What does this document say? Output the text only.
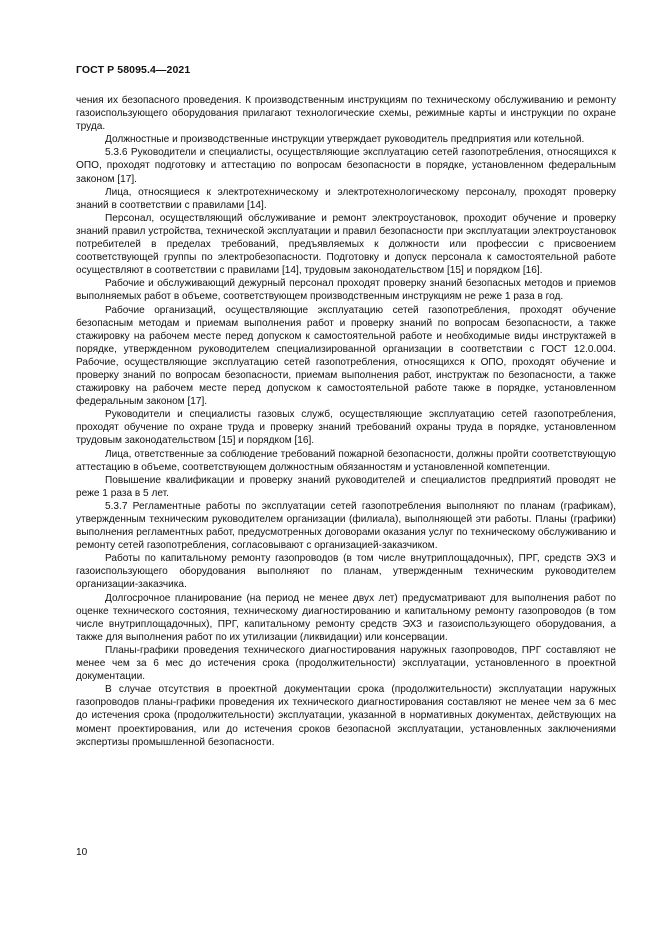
ГОСТ Р 58095.4—2021

чения их безопасного проведения. К производственным инструкциям по техническому обслуживанию и ремонту газоиспользующего оборудования прилагают технологические схемы, режимные карты и инструкции по охране труда.

Должностные и производственные инструкции утверждает руководитель предприятия или котельной.

5.3.6 Руководители и специалисты, осуществляющие эксплуатацию сетей газопотребления, относящихся к ОПО, проходят подготовку и аттестацию по вопросам безопасности в порядке, установленном федеральным законом [17].

Лица, относящиеся к электротехническому и электротехнологическому персоналу, проходят проверку знаний в соответствии с правилами [14].

Персонал, осуществляющий обслуживание и ремонт электроустановок, проходит обучение и проверку знаний правил устройства, технической эксплуатации и правил безопасности при эксплуатации электроустановок потребителей в пределах требований, предъявляемых к должности или профессии с присвоением соответствующей группы по электробезопасности. Подготовку и допуск персонала к самостоятельной работе осуществляют в соответствии с правилами [14], трудовым законодательством [15] и порядком [16].

Рабочие и обслуживающий дежурный персонал проходят проверку знаний безопасных методов и приемов выполняемых работ в объеме, соответствующем производственным инструкциям не реже 1 раза в год.

Рабочие организаций, осуществляющие эксплуатацию сетей газопотребления, проходят обучение безопасным методам и приемам выполнения работ и проверку знаний по вопросам безопасности, а также стажировку на рабочем месте перед допуском к самостоятельной работе и необходимые виды инструктажей в порядке, утвержденном руководителем специализированной организации в соответствии с ГОСТ 12.0.004. Рабочие, осуществляющие эксплуатацию сетей газопотребления, относящихся к ОПО, проходят обучение и проверку знаний по вопросам безопасности, приемам выполнения работ, инструктаж по безопасности, а также стажировку на рабочем месте перед допуском к самостоятельной работе также в порядке, установленном федеральным законом [17].

Руководители и специалисты газовых служб, осуществляющие эксплуатацию сетей газопотребления, проходят обучение по охране труда и проверку знаний требований охраны труда в порядке, установленном трудовым законодательством [15] и порядком [16].

Лица, ответственные за соблюдение требований пожарной безопасности, должны пройти соответствующую аттестацию в объеме, соответствующем должностным обязанностям и установленной компетенции.

Повышение квалификации и проверку знаний руководителей и специалистов предприятий проводят не реже 1 раза в 5 лет.

5.3.7 Регламентные работы по эксплуатации сетей газопотребления выполняют по планам (графикам), утвержденным техническим руководителем организации (филиала), выполняющей эти работы. Планы (графики) выполнения регламентных работ, предусмотренных договорами оказания услуг по техническому обслуживанию и ремонту сетей газопотребления, согласовывают с организацией-заказчиком.

Работы по капитальному ремонту газопроводов (в том числе внутриплощадочных), ПРГ, средств ЭХЗ и газоиспользующего оборудования выполняют по планам, утвержденным техническим руководителем организации-заказчика.

Долгосрочное планирование (на период не менее двух лет) предусматривают для выполнения работ по оценке технического состояния, техническому диагностированию и капитальному ремонту газопроводов (в том числе внутриплощадочных), ПРГ, капитальному ремонту средств ЭХЗ и газоиспользующего оборудования, а также для выполнения работ по их утилизации (ликвидации) или консервации.

Планы-графики проведения технического диагностирования наружных газопроводов, ПРГ составляют не менее чем за 6 мес до истечения срока (продолжительности) эксплуатации, установленного в проектной документации.

В случае отсутствия в проектной документации срока (продолжительности) эксплуатации наружных газопроводов планы-графики проведения их технического диагностирования составляют не менее чем за 6 мес до истечения срока (продолжительности) эксплуатации, указанной в нормативных документах, действующих на момент проектирования, или до истечения сроков безопасной эксплуатации, установленных заключениями экспертизы промышленной безопасности.

10
